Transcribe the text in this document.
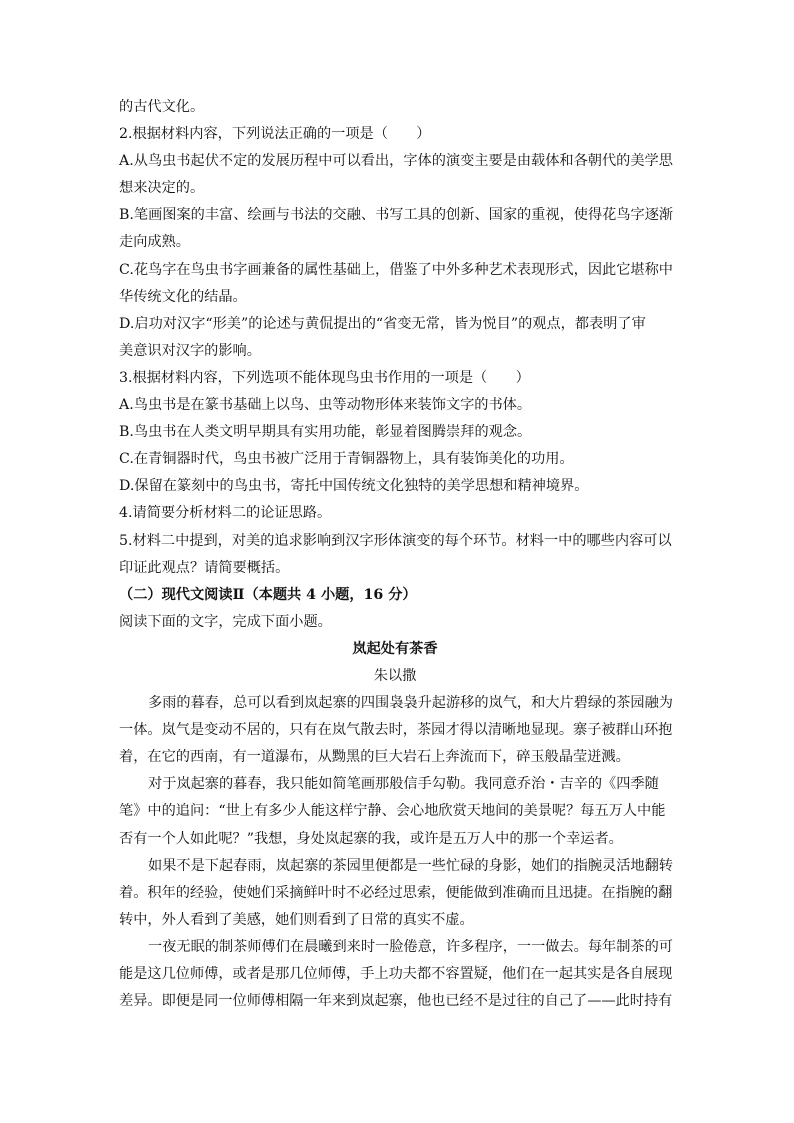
的古代文化。
2.根据材料内容，下列说法正确的一项是（　　）
A.从鸟虫书起伏不定的发展历程中可以看出，字体的演变主要是由载体和各朝代的美学思
想来决定的。
B.笔画图案的丰富、绘画与书法的交融、书写工具的创新、国家的重视，使得花鸟字逐渐
走向成熟。
C.花鸟字在鸟虫书字画兼备的属性基础上，借鉴了中外多种艺术表现形式，因此它堪称中
华传统文化的结晶。
D.启功对汉字“形美”的论述与黄侃提出的“省变无常，皆为悦目”的观点，都表明了审
美意识对汉字的影响。
3.根据材料内容，下列选项不能体现鸟虫书作用的一项是（　　）
A.鸟虫书是在篆书基础上以鸟、虫等动物形体来装饰文字的书体。
B.鸟虫书在人类文明早期具有实用功能，彰显着图腾崇拜的观念。
C.在青铜器时代，鸟虫书被广泛用于青铜器物上，具有装饰美化的功用。
D.保留在篆刻中的鸟虫书，寄托中国传统文化独特的美学思想和精神境界。
4.请简要分析材料二的论证思路。
5.材料二中提到，对美的追求影响到汉字形体演变的每个环节。材料一中的哪些内容可以
印证此观点？请简要概括。
（二）现代文阅读Ⅱ（本题共 4 小题，16 分）
阅读下面的文字，完成下面小题。
岚起处有茶香
朱以撒
多雨的暮春，总可以看到岚起寨的四围袅袅升起游移的岚气，和大片碧绿的茶园融为
一体。岚气是变动不居的，只有在岚气散去时，茶园才得以清晰地显现。寨子被群山环抱
着，在它的西南，有一道瀑布，从黝黑的巨大岩石上奔流而下，碎玉般晶莹迸溅。
对于岚起寨的暮春，我只能如简笔画那般信手勾勒。我同意乔治・吉辛的《四季随
笔》中的追问：“世上有多少人能这样宁静、会心地欣赏天地间的美景呢？每五万人中能
否有一个人如此呢？”我想，身处岚起寨的我，或许是五万人中的那一个幸运者。
如果不是下起春雨，岚起寨的茶园里便都是一些忙碌的身影，她们的指腕灵活地翻转
着。积年的经验，使她们采摘鲜叶时不必经过思索，便能做到准确而且迅捷。在指腕的翻
转中，外人看到了美感，她们则看到了日常的真实不虚。
一夜无眠的制茶师傅们在晨曦到来时一脸倦意，许多程序，一一做去。每年制茶的可
能是这几位师傅，或者是那几位师傅，手上功夫都不容置疑，他们在一起其实是各自展现
差异。即便是同一位师傅相隔一年来到岚起寨，他也已经不是过往的自己了——此时持有
